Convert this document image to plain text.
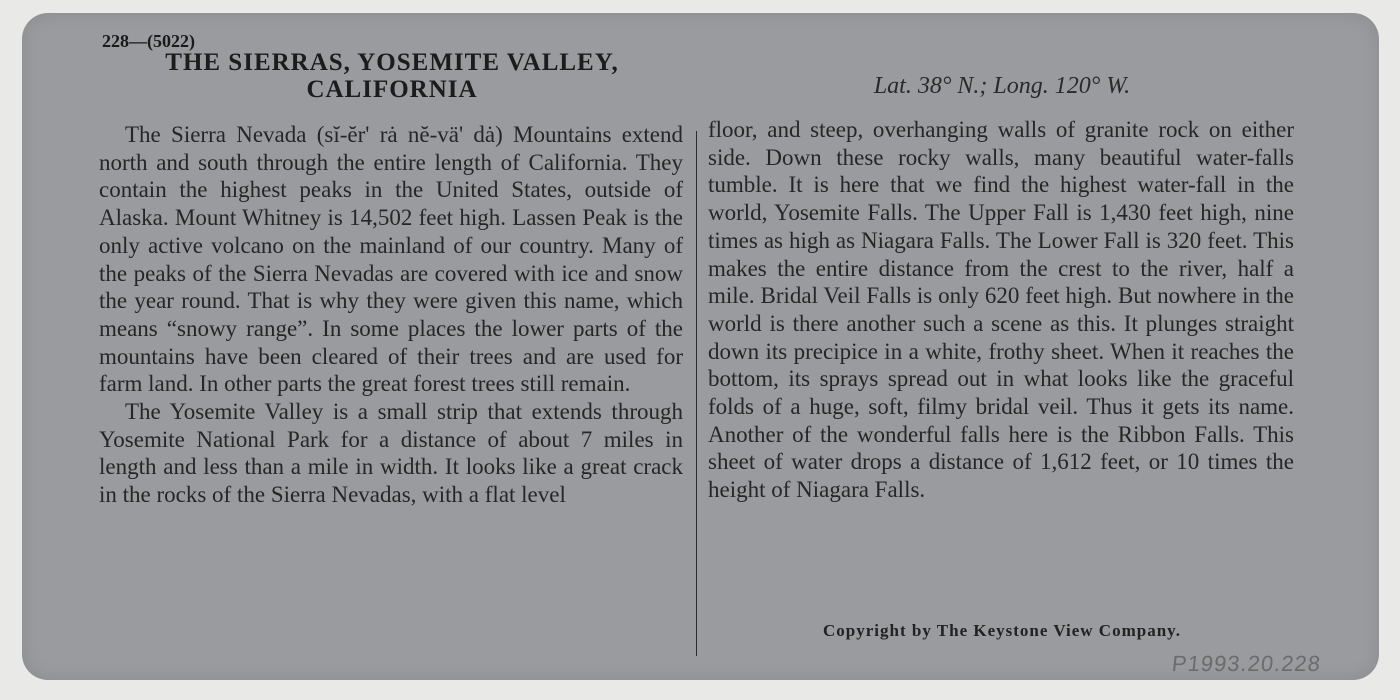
228—(5022)
THE SIERRAS, YOSEMITE VALLEY,
CALIFORNIA	Lat. 38° N.; Long. 120° W.

The Sierra Nevada (sĭ-ĕr' rȧ nĕ-vä' dȧ) Mountains extend north and south through the entire length of California. They contain the highest peaks in the United States, outside of Alaska. Mount Whitney is 14,502 feet high. Lassen Peak is the only active volcano on the mainland of our country. Many of the peaks of the Sierra Nevadas are covered with ice and snow the year round. That is why they were given this name, which means “snowy range”. In some places the lower parts of the mountains have been cleared of their trees and are used for farm land. In other parts the great forest trees still remain.

The Yosemite Valley is a small strip that extends through Yosemite National Park for a distance of about 7 miles in length and less than a mile in width. It looks like a great crack in the rocks of the Sierra Nevadas, with a flat level

floor, and steep, overhanging walls of granite rock on either side. Down these rocky walls, many beautiful water-falls tumble. It is here that we find the highest water-fall in the world, Yosemite Falls. The Upper Fall is 1,430 feet high, nine times as high as Niagara Falls. The Lower Fall is 320 feet. This makes the entire distance from the crest to the river, half a mile. Bridal Veil Falls is only 620 feet high. But nowhere in the world is there another such a scene as this. It plunges straight down its precipice in a white, frothy sheet. When it reaches the bottom, its sprays spread out in what looks like the graceful folds of a huge, soft, filmy bridal veil. Thus it gets its name. Another of the wonderful falls here is the Ribbon Falls. This sheet of water drops a distance of 1,612 feet, or 10 times the height of Niagara Falls.

Copyright by The Keystone View Company.
P1993.20.228
